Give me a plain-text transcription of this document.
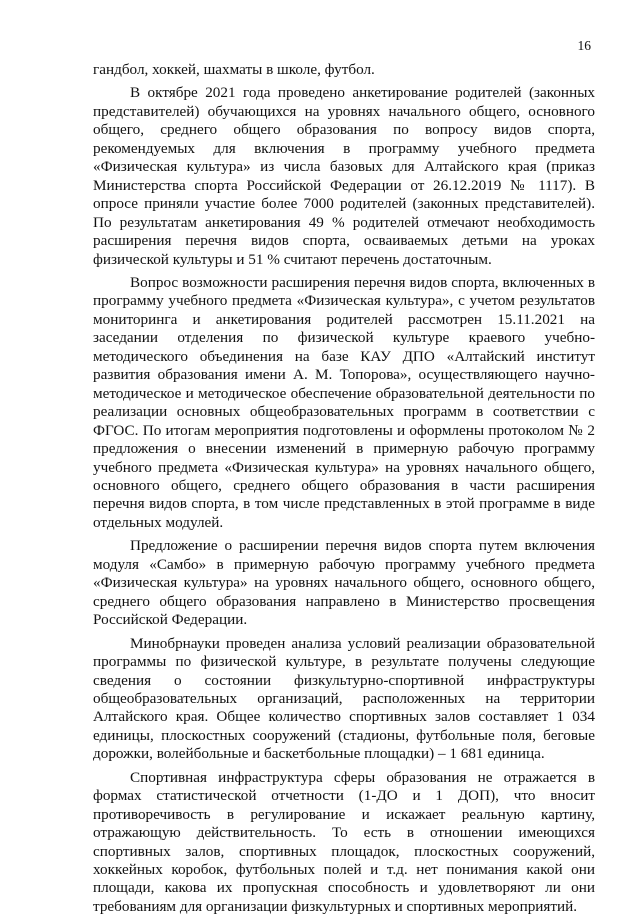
16

гандбол, хоккей, шахматы в школе, футбол.

В октябре 2021 года проведено анкетирование родителей (законных представителей) обучающихся на уровнях начального общего, основного общего, среднего общего образования по вопросу видов спорта, рекомендуемых для включения в программу учебного предмета «Физическая культура» из числа базовых для Алтайского края (приказ Министерства спорта Российской Федерации от 26.12.2019 № 1117). В опросе приняли участие более 7000 родителей (законных представителей). По результатам анкетирования 49 % родителей отмечают необходимость расширения перечня видов спорта, осваиваемых детьми на уроках физической культуры и 51 % считают перечень достаточным.

Вопрос возможности расширения перечня видов спорта, включенных в программу учебного предмета «Физическая культура», с учетом результатов мониторинга и анкетирования родителей рассмотрен 15.11.2021 на заседании отделения по физической культуре краевого учебно-методического объединения на базе КАУ ДПО «Алтайский институт развития образования имени А. М. Топорова», осуществляющего научно-методическое и методическое обеспечение образовательной деятельности по реализации основных общеобразовательных программ в соответствии с ФГОС. По итогам мероприятия подготовлены и оформлены протоколом № 2 предложения о внесении изменений в примерную рабочую программу учебного предмета «Физическая культура» на уровнях начального общего, основного общего, среднего общего образования в части расширения перечня видов спорта, в том числе представленных в этой программе в виде отдельных модулей.

Предложение о расширении перечня видов спорта путем включения модуля «Самбо» в примерную рабочую программу учебного предмета «Физическая культура» на уровнях начального общего, основного общего, среднего общего образования направлено в Министерство просвещения Российской Федерации.

Минобрнауки проведен анализа условий реализации образовательной программы по физической культуре, в результате получены следующие сведения о состоянии физкультурно-спортивной инфраструктуры общеобразовательных организаций, расположенных на территории Алтайского края. Общее количество спортивных залов составляет 1 034 единицы, плоскостных сооружений (стадионы, футбольные поля, беговые дорожки, волейбольные и баскетбольные площадки) – 1 681 единица.

Спортивная инфраструктура сферы образования не отражается в формах статистической отчетности (1-ДО и 1 ДОП), что вносит противоречивость в регулирование и искажает реальную картину, отражающую действительность. То есть в отношении имеющихся спортивных залов, спортивных площадок, плоскостных сооружений, хоккейных коробок, футбольных полей и т.д. нет понимания какой они площади, какова их пропускная способность и удовлетворяют ли они требованиям для организации физкультурных и спортивных мероприятий.
